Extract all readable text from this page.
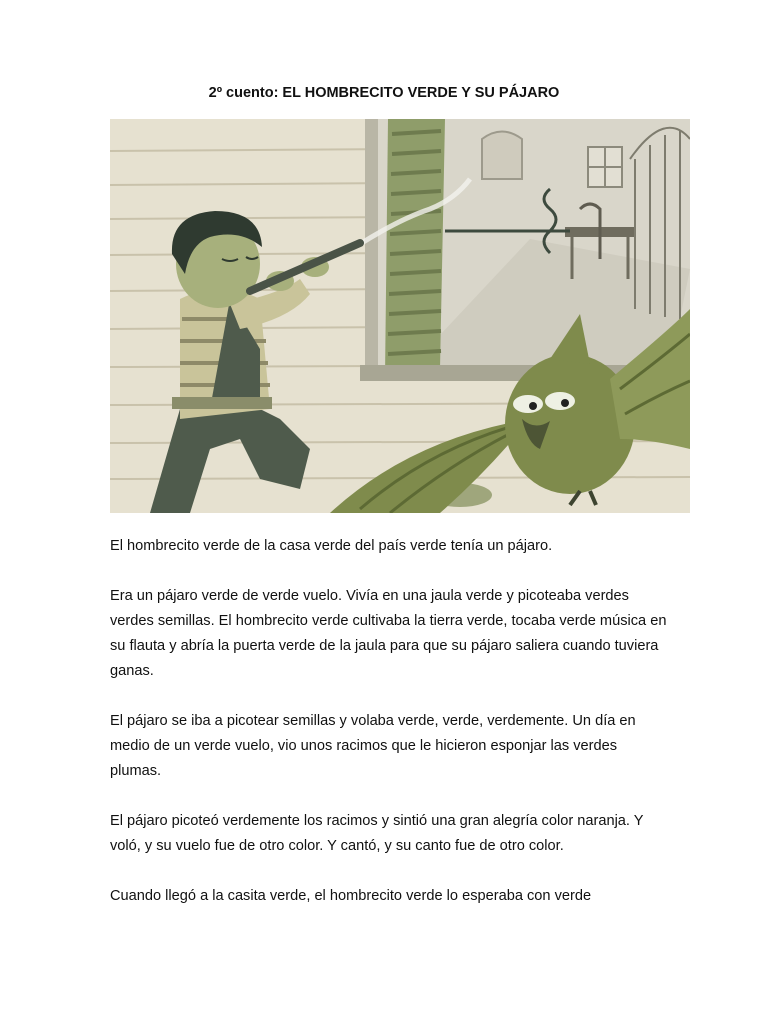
2º cuento: EL HOMBRECITO VERDE Y SU PÁJARO

El hombrecito verde de la casa verde del país verde tenía un pájaro.

Era un pájaro verde de verde vuelo. Vivía en una jaula verde y picoteaba verdes verdes semillas. El hombrecito verde cultivaba la tierra verde, tocaba verde música en su flauta y abría la puerta verde de la jaula para que su pájaro saliera cuando tuviera ganas.

El pájaro se iba a picotear semillas y volaba verde, verde, verdemente. Un día en medio de un verde vuelo, vio unos racimos que le hicieron esponjar las verdes plumas.

El pájaro picoteó verdemente los racimos y sintió una gran alegría color naranja. Y voló, y su vuelo fue de otro color. Y cantó, y su canto fue de otro color.

Cuando llegó a la casita verde, el hombrecito verde lo esperaba con verde
